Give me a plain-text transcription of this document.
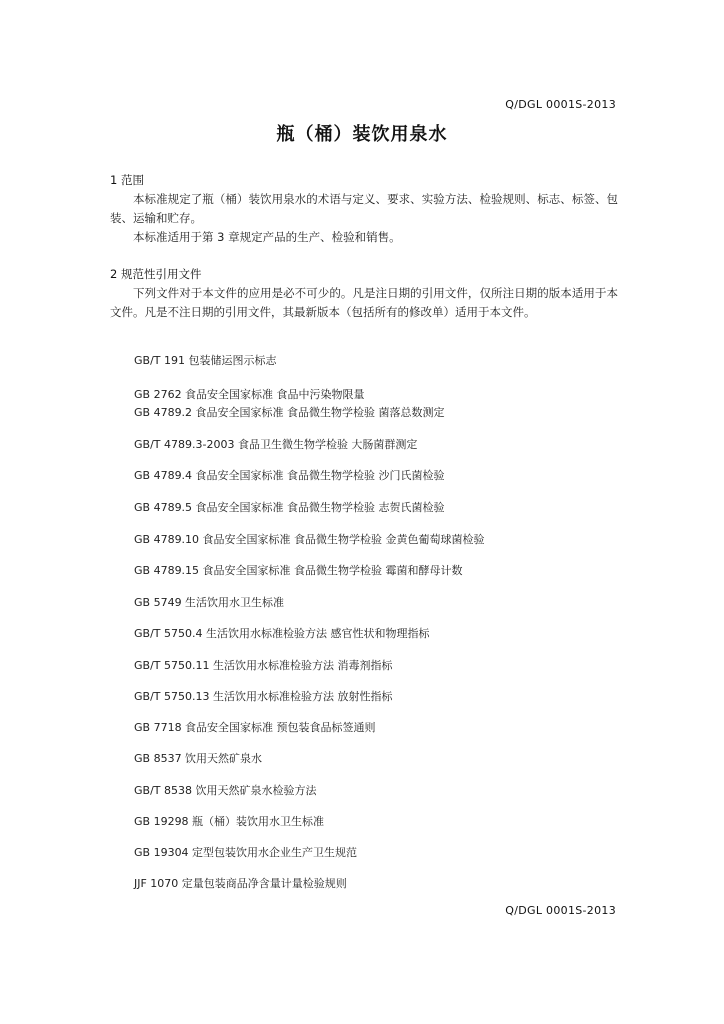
Q/DGL 0001S-2013
瓶（桶）装饮用泉水
1 范围

本标准规定了瓶（桶）装饮用泉水的术语与定义、要求、实验方法、检验规则、标志、标签、包装、运输和贮存。

本标准适用于第 3 章规定产品的生产、检验和销售。

2 规范性引用文件

下列文件对于本文件的应用是必不可少的。凡是注日期的引用文件，仅所注日期的版本适用于本文件。凡是不注日期的引用文件，其最新版本（包括所有的修改单）适用于本文件。

GB/T 191 包装储运图示标志
GB 2762 食品安全国家标准 食品中污染物限量
GB 4789.2 食品安全国家标准 食品微生物学检验 菌落总数测定
GB/T 4789.3-2003 食品卫生微生物学检验 大肠菌群测定
GB 4789.4 食品安全国家标准 食品微生物学检验 沙门氏菌检验
GB 4789.5 食品安全国家标准 食品微生物学检验 志贺氏菌检验
GB 4789.10 食品安全国家标准 食品微生物学检验 金黄色葡萄球菌检验
GB 4789.15 食品安全国家标准 食品微生物学检验 霉菌和酵母计数
GB 5749 生活饮用水卫生标准
GB/T 5750.4 生活饮用水标准检验方法 感官性状和物理指标
GB/T 5750.11 生活饮用水标准检验方法 消毒剂指标
GB/T 5750.13 生活饮用水标准检验方法 放射性指标
GB 7718 食品安全国家标准 预包装食品标签通则
GB 8537 饮用天然矿泉水
GB/T 8538 饮用天然矿泉水检验方法
GB 19298 瓶（桶）装饮用水卫生标准
GB 19304 定型包装饮用水企业生产卫生规范
JJF 1070 定量包装商品净含量计量检验规则
Q/DGL 0001S-2013
